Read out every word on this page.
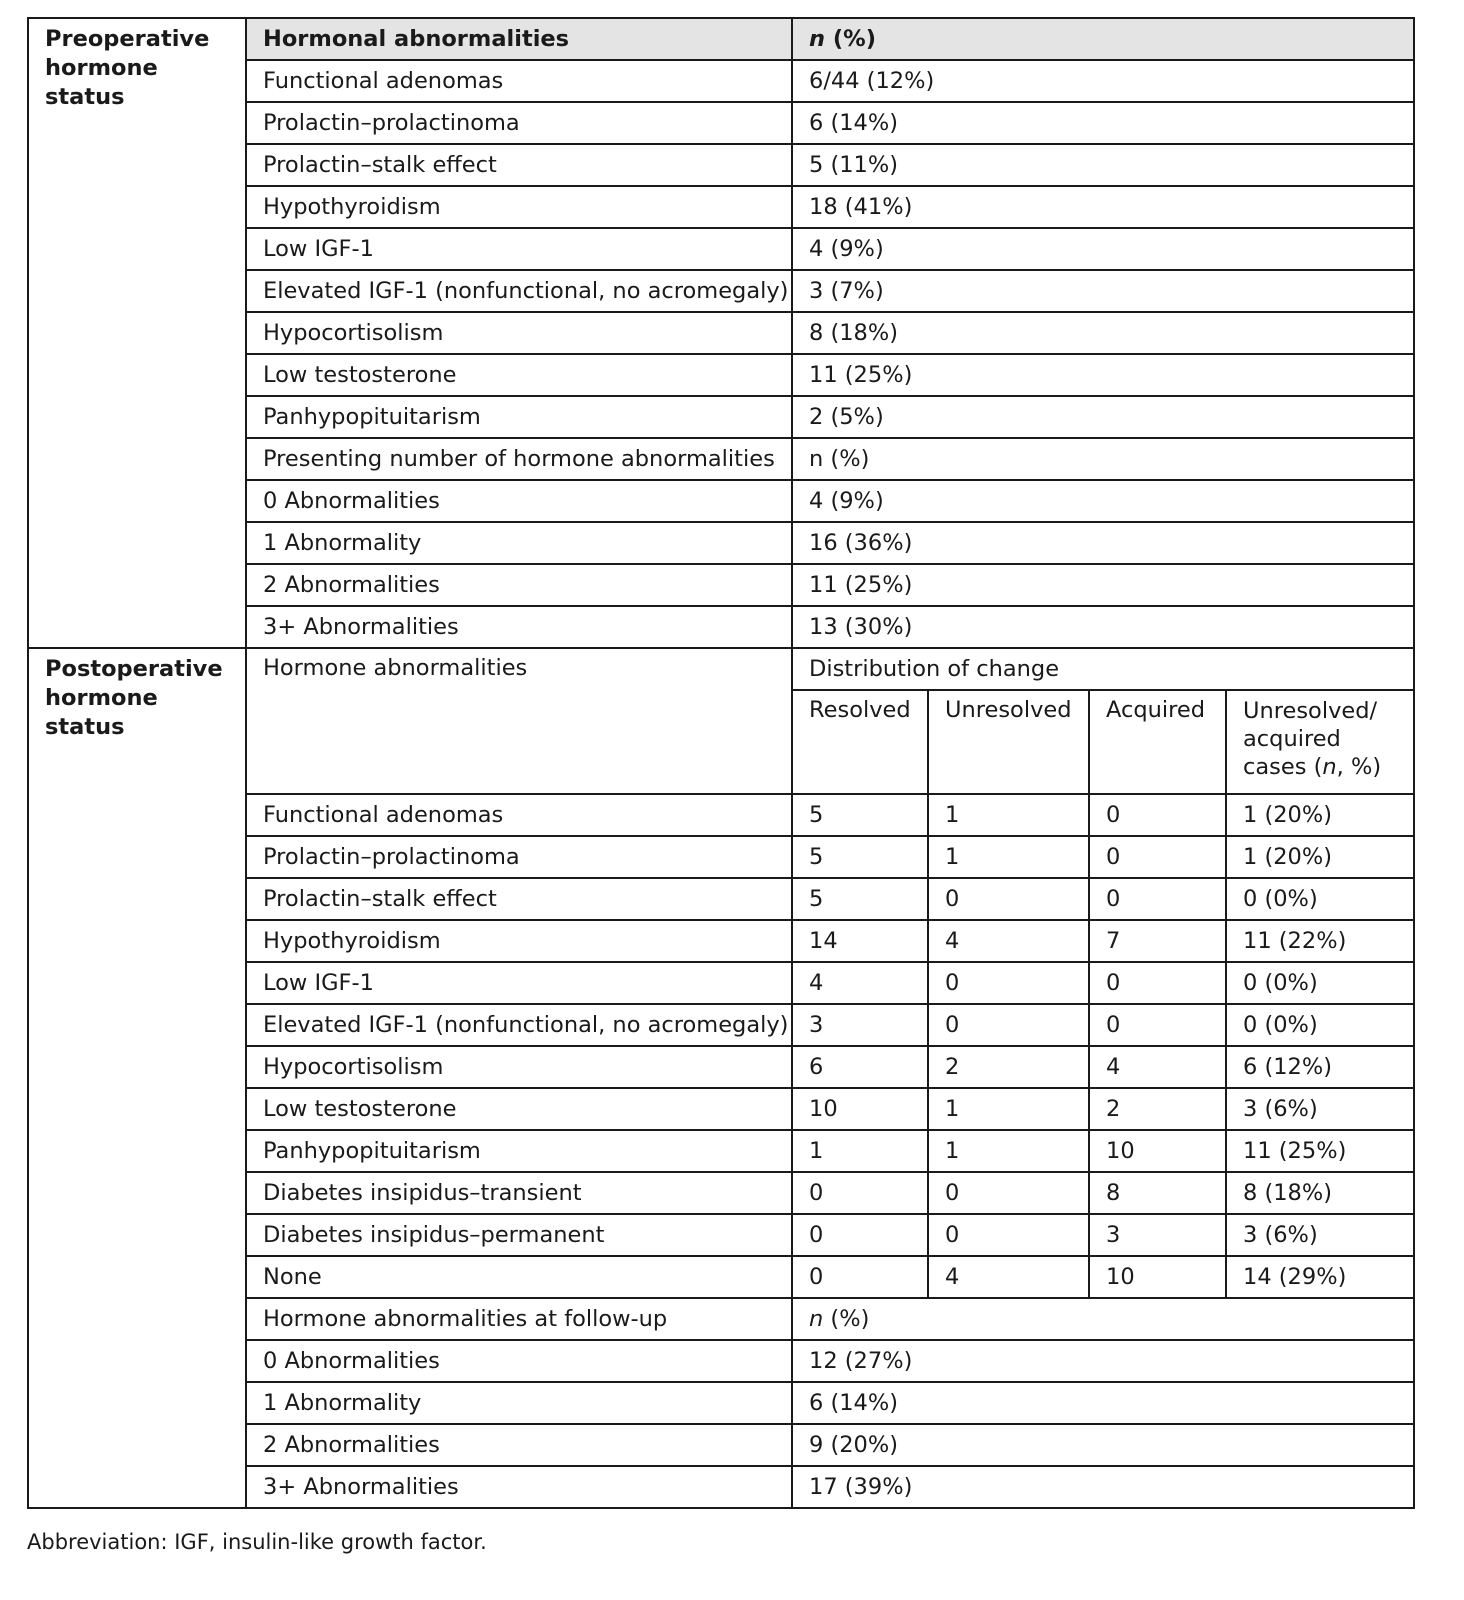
Preoperative hormone status	Hormonal abnormalities	n (%)			
	Functional adenomas	6/44 (12%)			
	Prolactin–prolactinoma	6 (14%)			
	Prolactin–stalk effect	5 (11%)			
	Hypothyroidism	18 (41%)			
	Low IGF-1	4 (9%)			
	Elevated IGF-1 (nonfunctional, no acromegaly)	3 (7%)			
	Hypocortisolism	8 (18%)			
	Low testosterone	11 (25%)			
	Panhypopituitarism	2 (5%)			
	Presenting number of hormone abnormalities	n (%)			
	0 Abnormalities	4 (9%)			
	1 Abnormality	16 (36%)			
	2 Abnormalities	11 (25%)			
	3+ Abnormalities	13 (30%)			
Postoperative hormone status	Hormone abnormalities	Distribution of change			
		Resolved	Unresolved	Acquired	Unresolved/ acquired cases (n, %)
	Functional adenomas	5	1	0	1 (20%)
	Prolactin–prolactinoma	5	1	0	1 (20%)
	Prolactin–stalk effect	5	0	0	0 (0%)
	Hypothyroidism	14	4	7	11 (22%)
	Low IGF-1	4	0	0	0 (0%)
	Elevated IGF-1 (nonfunctional, no acromegaly)	3	0	0	0 (0%)
	Hypocortisolism	6	2	4	6 (12%)
	Low testosterone	10	1	2	3 (6%)
	Panhypopituitarism	1	1	10	11 (25%)
	Diabetes insipidus–transient	0	0	8	8 (18%)
	Diabetes insipidus–permanent	0	0	3	3 (6%)
	None	0	4	10	14 (29%)
	Hormone abnormalities at follow-up	n (%)			
	0 Abnormalities	12 (27%)			
	1 Abnormality	6 (14%)			
	2 Abnormalities	9 (20%)			
	3+ Abnormalities	17 (39%)			
Abbreviation: IGF, insulin-like growth factor.
